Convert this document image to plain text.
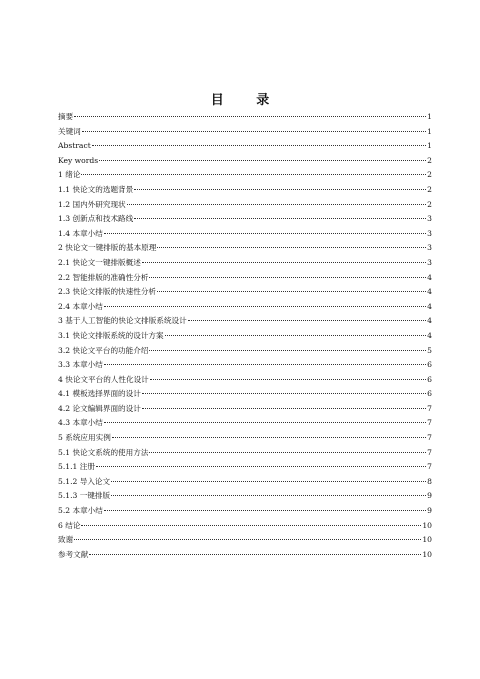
目 录
摘要	1
关键词	1
Abstract	1
Key words	2
1 绪论	2
1.1 快论文的选题背景	2
1.2 国内外研究现状	2
1.3 创新点和技术路线	3
1.4 本章小结	3
2 快论文一键排版的基本原理	3
2.1 快论文一键排版概述	3
2.2 智能排版的准确性分析	4
2.3 快论文排版的快速性分析	4
2.4 本章小结	4
3 基于人工智能的快论文排版系统设计	4
3.1 快论文排版系统的设计方案	4
3.2 快论文平台的功能介绍	5
3.3 本章小结	6
4 快论文平台的人性化设计	6
4.1 模板选择界面的设计	6
4.2 论文编辑界面的设计	7
4.3 本章小结	7
5 系统应用实例	7
5.1 快论文系统的使用方法	7
5.1.1 注册	7
5.1.2 导入论文	8
5.1.3 一键排版	9
5.2 本章小结	9
6 结论	10
致谢	10
参考文献	10
